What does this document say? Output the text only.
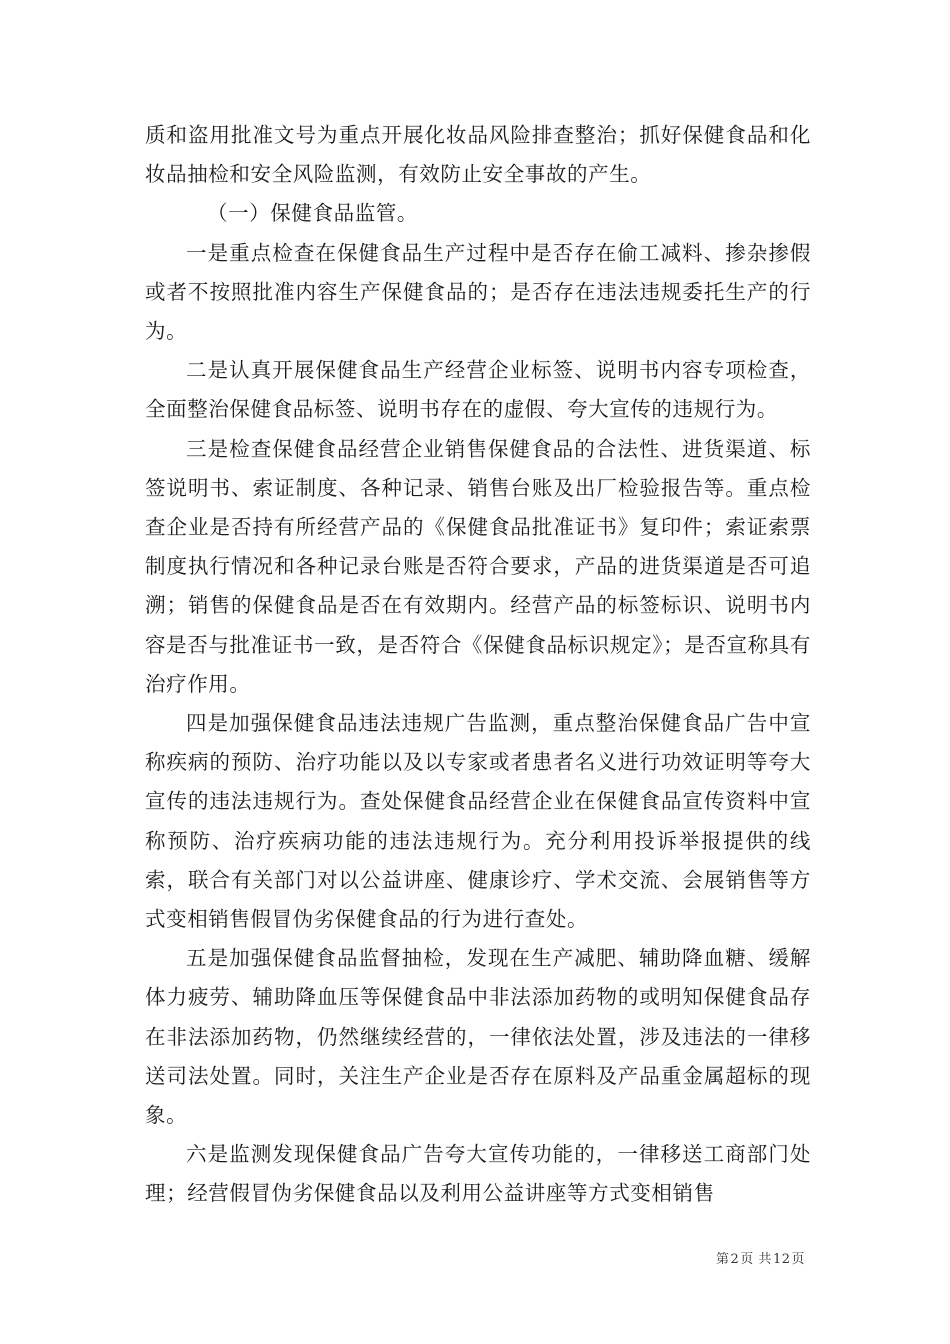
质和盗用批准文号为重点开展化妆品风险排查整治；抓好保健食品和化妆品抽检和安全风险监测，有效防止安全事故的产生。

（一）保健食品监管。

一是重点检查在保健食品生产过程中是否存在偷工减料、掺杂掺假或者不按照批准内容生产保健食品的；是否存在违法违规委托生产的行为。

二是认真开展保健食品生产经营企业标签、说明书内容专项检查，全面整治保健食品标签、说明书存在的虚假、夸大宣传的违规行为。

三是检查保健食品经营企业销售保健食品的合法性、进货渠道、标签说明书、索证制度、各种记录、销售台账及出厂检验报告等。重点检查企业是否持有所经营产品的《保健食品批准证书》复印件；索证索票制度执行情况和各种记录台账是否符合要求，产品的进货渠道是否可追溯；销售的保健食品是否在有效期内。经营产品的标签标识、说明书内容是否与批准证书一致，是否符合《保健食品标识规定》；是否宣称具有治疗作用。

四是加强保健食品违法违规广告监测，重点整治保健食品广告中宣称疾病的预防、治疗功能以及以专家或者患者名义进行功效证明等夸大宣传的违法违规行为。查处保健食品经营企业在保健食品宣传资料中宣称预防、治疗疾病功能的违法违规行为。充分利用投诉举报提供的线索，联合有关部门对以公益讲座、健康诊疗、学术交流、会展销售等方式变相销售假冒伪劣保健食品的行为进行查处。

五是加强保健食品监督抽检，发现在生产减肥、辅助降血糖、缓解体力疲劳、辅助降血压等保健食品中非法添加药物的或明知保健食品存在非法添加药物，仍然继续经营的，一律依法处置，涉及违法的一律移送司法处置。同时，关注生产企业是否存在原料及产品重金属超标的现象。

六是监测发现保健食品广告夸大宣传功能的，一律移送工商部门处理；经营假冒伪劣保健食品以及利用公益讲座等方式变相销售

第2页 共12页
